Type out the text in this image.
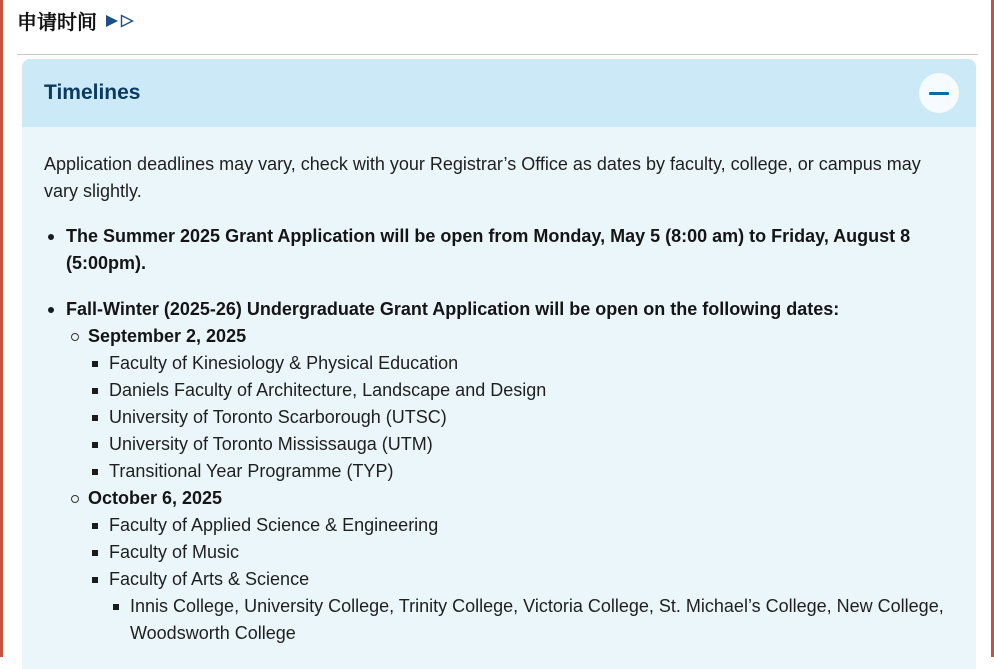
申请时间
Timelines

Application deadlines may vary, check with your Registrar’s Office as dates by faculty, college, or campus may vary slightly.

The Summer 2025 Grant Application will be open from Monday, May 5 (8:00 am) to Friday, August 8 (5:00pm).
Fall-Winter (2025-26) Undergraduate Grant Application will be open on the following dates:
September 2, 2025
Faculty of Kinesiology & Physical Education
Daniels Faculty of Architecture, Landscape and Design
University of Toronto Scarborough (UTSC)
University of Toronto Mississauga (UTM)
Transitional Year Programme (TYP)
October 6, 2025
Faculty of Applied Science & Engineering
Faculty of Music
Faculty of Arts & Science
Innis College, University College, Trinity College, Victoria College, St. Michael’s College, New College, Woodsworth College
